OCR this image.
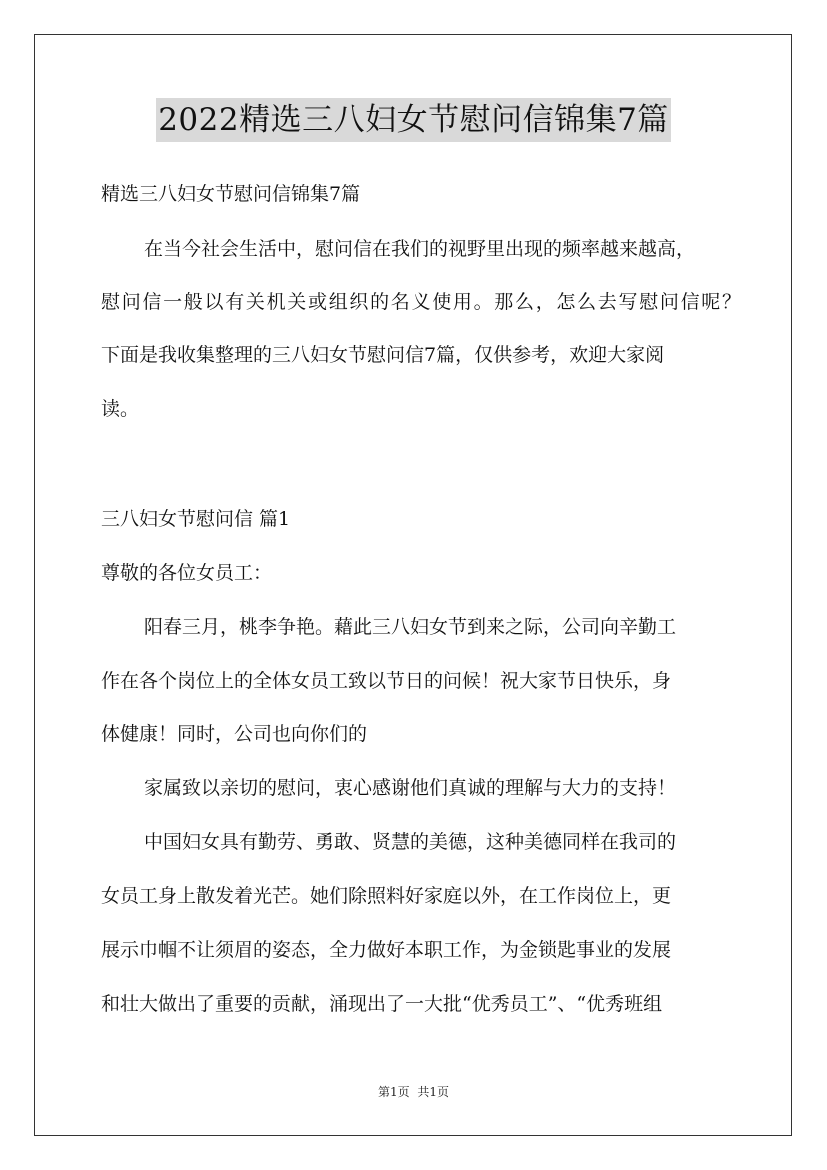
2022精选三八妇女节慰问信锦集7篇
精选三八妇女节慰问信锦集7篇
在当今社会生活中，慰问信在我们的视野里出现的频率越来越高，
慰问信一般以有关机关或组织的名义使用。那么，怎么去写慰问信呢？
下面是我收集整理的三八妇女节慰问信7篇，仅供参考，欢迎大家阅
读。
三八妇女节慰问信 篇1
尊敬的各位女员工：
阳春三月，桃李争艳。藉此三八妇女节到来之际，公司向辛勤工
作在各个岗位上的全体女员工致以节日的问候！祝大家节日快乐，身
体健康！同时，公司也向你们的
家属致以亲切的慰问，衷心感谢他们真诚的理解与大力的支持！
中国妇女具有勤劳、勇敢、贤慧的美德，这种美德同样在我司的
女员工身上散发着光芒。她们除照料好家庭以外，在工作岗位上，更
展示巾帼不让须眉的姿态，全力做好本职工作，为金锁匙事业的发展
和壮大做出了重要的贡献，涌现出了一大批“优秀员工”、“优秀班组
第1页 共1页
